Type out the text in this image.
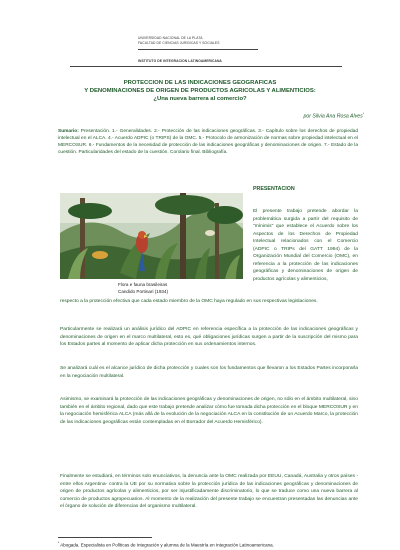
UNIVERSIDAD NACIONAL DE LA PLATA
FACULTAD DE CIENCIAS JURIDICAS Y SOCIALES
INSTITUTO DE INTEGRACION LATINOAMERICANA
PROTECCION DE LAS INDICACIONES GEOGRAFICAS
Y DENOMINACIONES DE ORIGEN DE PRODUCTOS AGRICOLAS Y ALIMENTICIOS:
¿Una nueva barrera al comercio?
por Silvia Ana Rosa Alves*
Sumario: Presentación. 1.- Generalidades. 2.- Protección de las indicaciones geográficas. 3.- Capítulo sobre los derechos de propiedad intelectual en el ALCA. 4.- Acuerdo ADPIC (o TRIPS) de la OMC. 5.- Protocolo de armonización de normas sobre propiedad intelectual en el MERCOSUR. 6.- Fundamentos de la necesidad de protección de las indicaciones geográficas y denominaciones de origen. 7.- Estado de la cuestión. Particularidades del estado de la cuestión. Corolario final. Bibliografía.
Flora e fauna brasileiras
Candido Portinari (1934)
PRESENTACION
El presente trabajo pretende abordar la problemática surgida a partir del requisito de "mínimis" que establece el Acuerdo sobre los Aspectos de los Derechos de Propiedad Intelectual relacionados con el Comercio (ADPIC o TRIPs del GATT 1994) de la Organización Mundial del Comercio (OMC), en referencia a la protección de las indicaciones geográficas y denominaciones de origen de productos agrícolas y alimenticios,
respecto a la protección efectiva que cada estado miembro de la OMC haya regulado en sus respectivas legislaciones.
Particularmente se realizará un análisis jurídico del ADPIC en referencia específica a la protección de las indicaciones geográficas y denominaciones de origen en el marco multilateral, esto es, qué obligaciones jurídicas surgen a partir de la suscripción del mismo para los Estados partes al momento de aplicar dicha protección en sus ordenamientos internos.
Se analizará cuál es el alcance jurídico de dicha protección y cuales son los fundamentos que llevaron a los Estados Partes incorporarla en la negociación multilateral.
Asimismo, se examinará la protección de las indicaciones geográficas y denominaciones de origen, no sólo en el ámbito multilateral, sino también en el ámbito regional, dado que este trabajo pretende analizar cómo fue tomada dicha protección en el bloque MERCOSUR y en la negociación hemisférica ALCA (más allá de la evolución de la negociación ALCA en la constitución de un Acuerdo Marco, la protección de las indicaciones geográficas están contempladas en el Borrador del Acuerdo Hemisférico).
Finalmente se estudiará, en términos solo enunciativos, la denuncia ante la OMC realizada por EEUU, Canadá, Australia y otros países -entre ellos Argentina- contra la UE por su normativa sobre la protección jurídica de las indicaciones geográficas y denominaciones de origen de productos agrícolas y alimenticios, por ser injustificadamente discriminatorio, lo que se traduce como una nueva barrera al comercio de productos agropecuarios. Al momento de la realización del presente trabajo se encuentran presentadas las denuncias ante el órgano de solución de diferencias del organismo multilateral.
* Abogada. Especialista en Políticas de Integración y alumna de la Maestría en Integración Latinoamericana.
